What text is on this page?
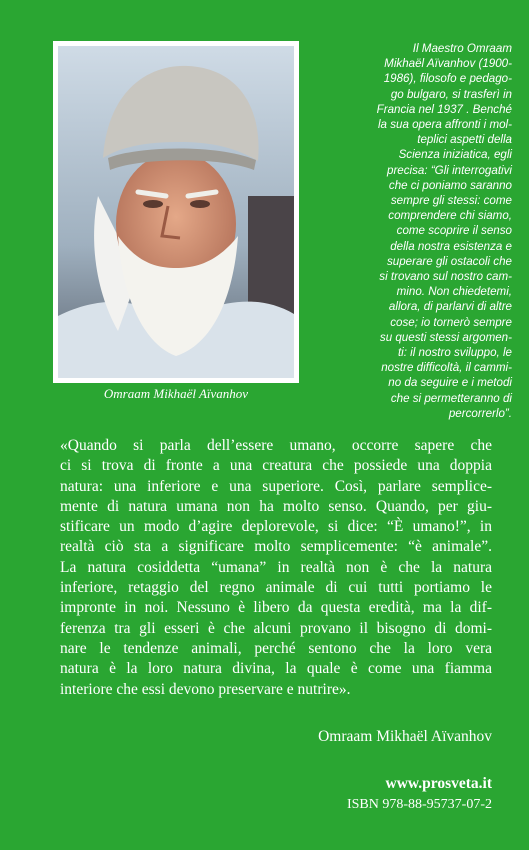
Omraam Mikhaël Aïvanhov
Il Maestro Omraam
Mikhaël Aïvanhov (1900-
1986), filosofo e pedago-
go bulgaro, si trasferì in
Francia nel 1937 . Benché
la sua opera affronti i mol-
teplici aspetti della
Scienza iniziatica, egli
precisa: “Gli interrogativi
che ci poniamo saranno
sempre gli stessi: come
comprendere chi siamo,
come scoprire il senso
della nostra esistenza e
superare gli ostacoli che
si trovano sul nostro cam-
mino. Non chiedetemi,
allora, di parlarvi di altre
cose; io tornerò sempre
su questi stessi argomen-
ti: il nostro sviluppo, le
nostre difficoltà, il cammi-
no da seguire e i metodi
che si permetteranno di
percorrerlo”.
«Quando si parla dell’essere umano, occorre sapere che
ci si trova di fronte a una creatura che possiede una doppia
natura: una inferiore e una superiore. Così, parlare semplice-
mente di natura umana non ha molto senso. Quando, per giu-
stificare un modo d’agire deplorevole, si dice: “È umano!”, in
realtà ciò sta a significare molto semplicemente: “è animale”.
La natura cosiddetta “umana” in realtà non è che la natura
inferiore, retaggio del regno animale di cui tutti portiamo le
impronte in noi. Nessuno è libero da questa eredità, ma la dif-
ferenza tra gli esseri è che alcuni provano il bisogno di domi-
nare le tendenze animali, perché sentono che la loro vera
natura è la loro natura divina, la quale è come una fiamma
interiore che essi devono preservare e nutrire».
Omraam Mikhaël Aïvanhov
www.prosveta.it
ISBN 978-88-95737-07-2
